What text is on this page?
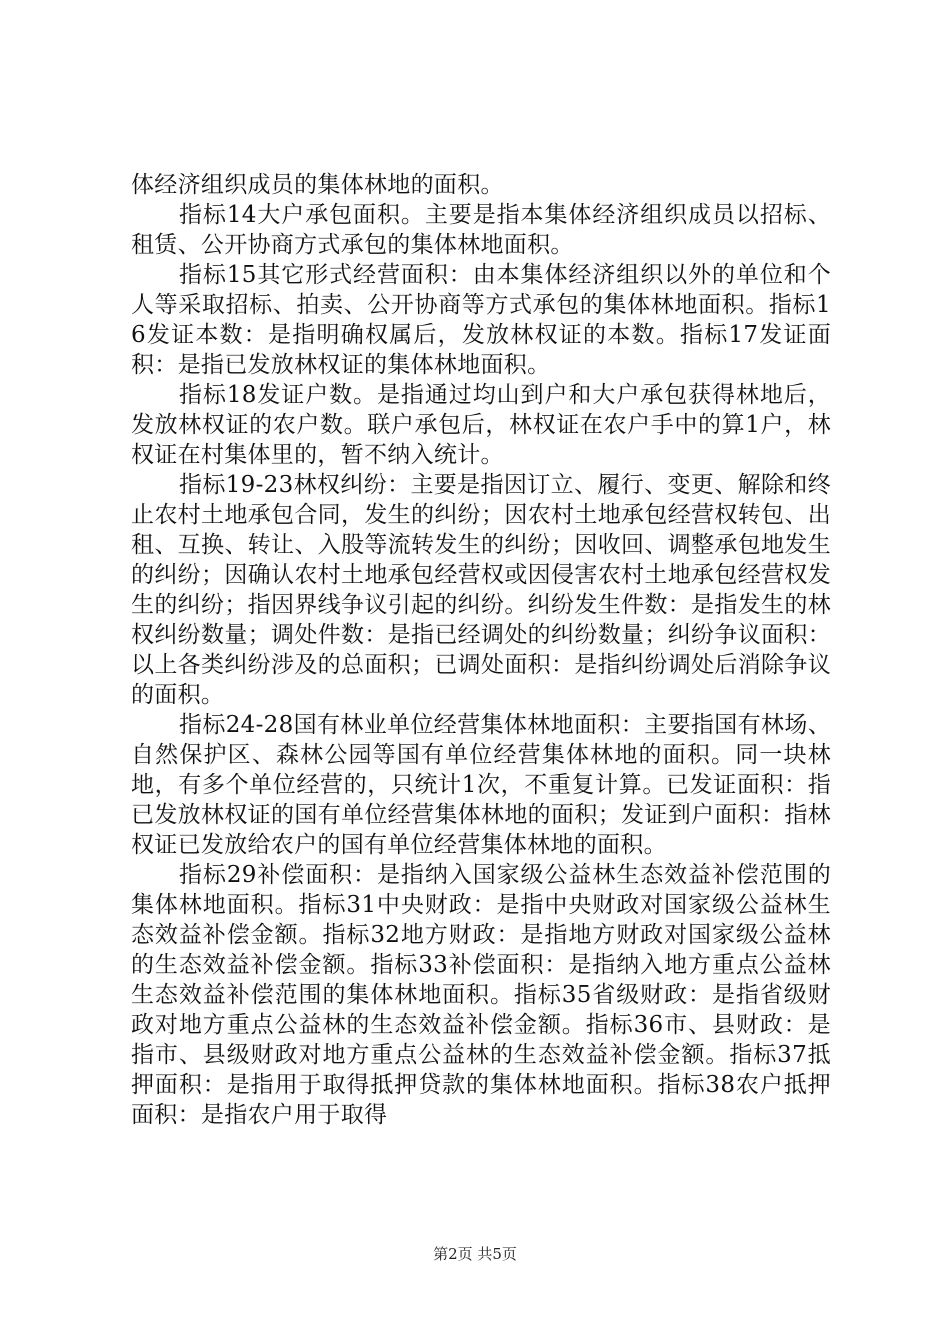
体经济组织成员的集体林地的面积。

指标14大户承包面积。主要是指本集体经济组织成员以招标、租赁、公开协商方式承包的集体林地面积。

指标15其它形式经营面积：由本集体经济组织以外的单位和个人等采取招标、拍卖、公开协商等方式承包的集体林地面积。指标16发证本数：是指明确权属后，发放林权证的本数。指标17发证面积：是指已发放林权证的集体林地面积。

指标18发证户数。是指通过均山到户和大户承包获得林地后，发放林权证的农户数。联户承包后，林权证在农户手中的算1户，林权证在村集体里的，暂不纳入统计。

指标19-23林权纠纷：主要是指因订立、履行、变更、解除和终止农村土地承包合同，发生的纠纷；因农村土地承包经营权转包、出租、互换、转让、入股等流转发生的纠纷；因收回、调整承包地发生的纠纷；因确认农村土地承包经营权或因侵害农村土地承包经营权发生的纠纷；指因界线争议引起的纠纷。纠纷发生件数：是指发生的林权纠纷数量；调处件数：是指已经调处的纠纷数量；纠纷争议面积：以上各类纠纷涉及的总面积；已调处面积：是指纠纷调处后消除争议的面积。

指标24-28国有林业单位经营集体林地面积：主要指国有林场、自然保护区、森林公园等国有单位经营集体林地的面积。同一块林地，有多个单位经营的，只统计1次，不重复计算。已发证面积：指已发放林权证的国有单位经营集体林地的面积；发证到户面积：指林权证已发放给农户的国有单位经营集体林地的面积。

指标29补偿面积：是指纳入国家级公益林生态效益补偿范围的集体林地面积。指标31中央财政：是指中央财政对国家级公益林生态效益补偿金额。指标32地方财政：是指地方财政对国家级公益林的生态效益补偿金额。指标33补偿面积：是指纳入地方重点公益林生态效益补偿范围的集体林地面积。指标35省级财政：是指省级财政对地方重点公益林的生态效益补偿金额。指标36市、县财政：是指市、县级财政对地方重点公益林的生态效益补偿金额。指标37抵押面积：是指用于取得抵押贷款的集体林地面积。指标38农户抵押面积：是指农户用于取得

第2页 共5页
